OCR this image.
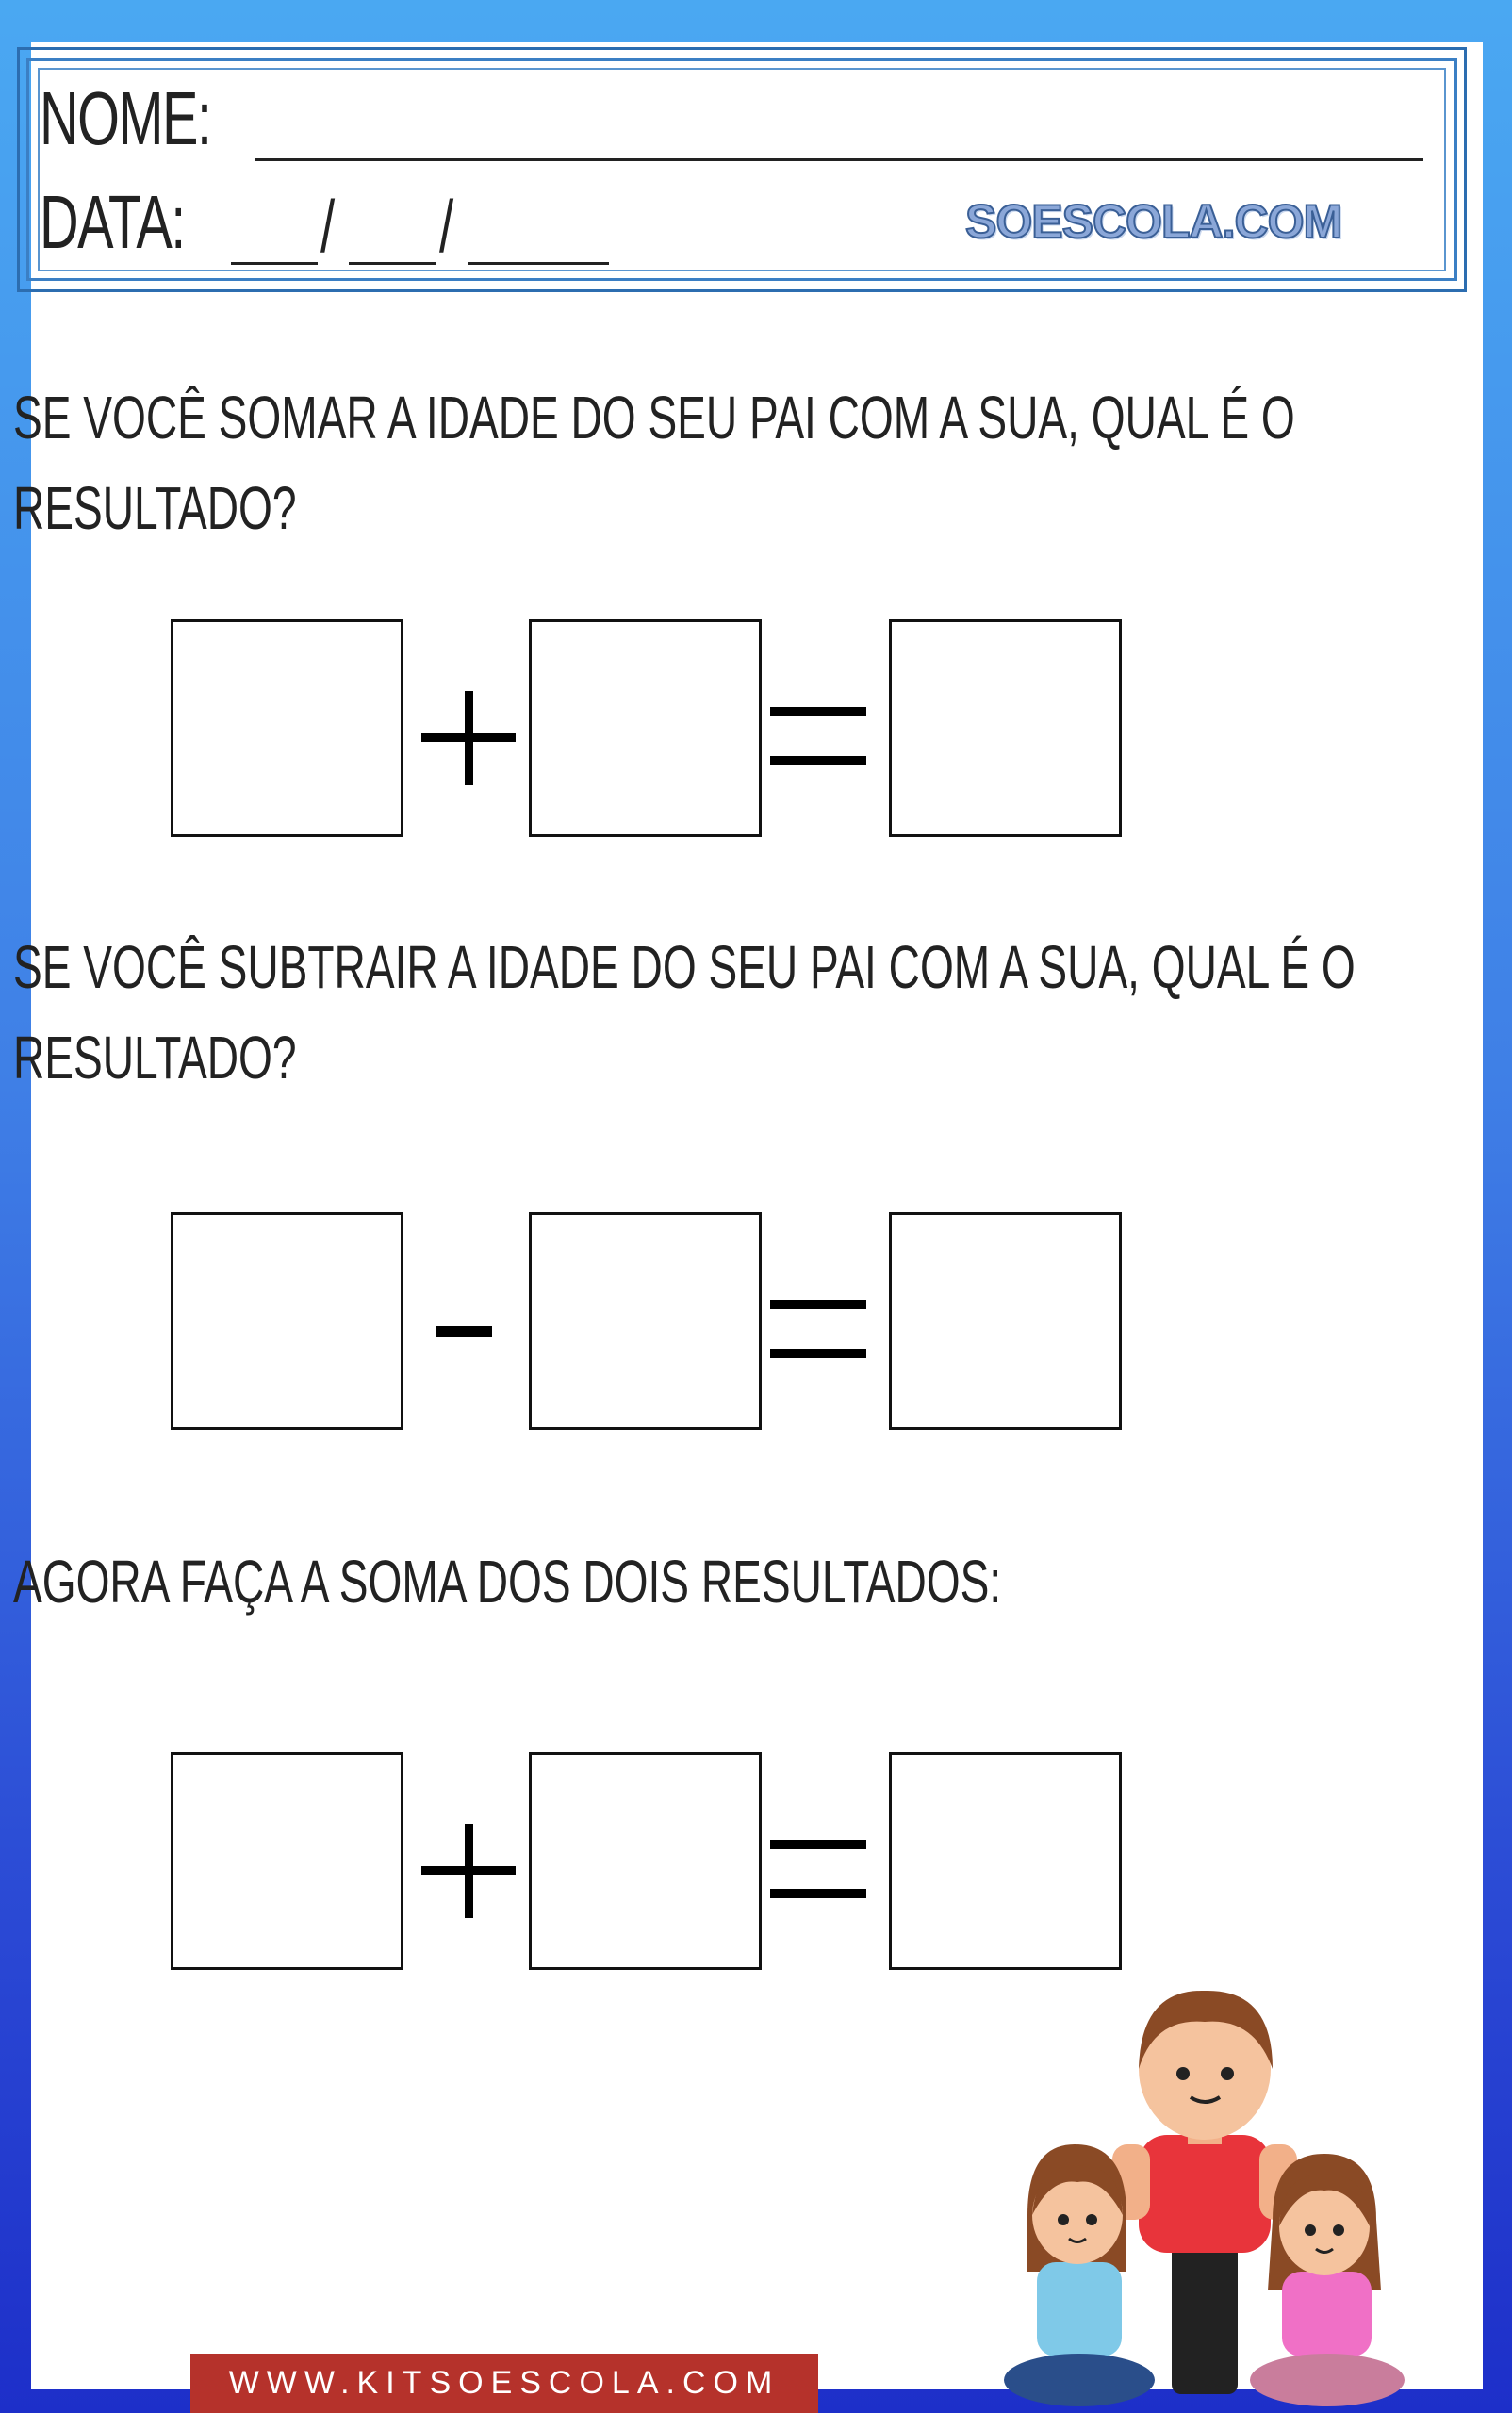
NOME:
DATA: / /	SOESCOLA.COM
SE VOCÊ SOMAR A IDADE DO SEU PAI COM A SUA, QUAL É O
RESULTADO?
SE VOCÊ SUBTRAIR A IDADE DO SEU PAI COM A SUA, QUAL É O
RESULTADO?
AGORA FAÇA A SOMA DOS DOIS RESULTADOS:
WWW.KITSOESCOLA.COM
